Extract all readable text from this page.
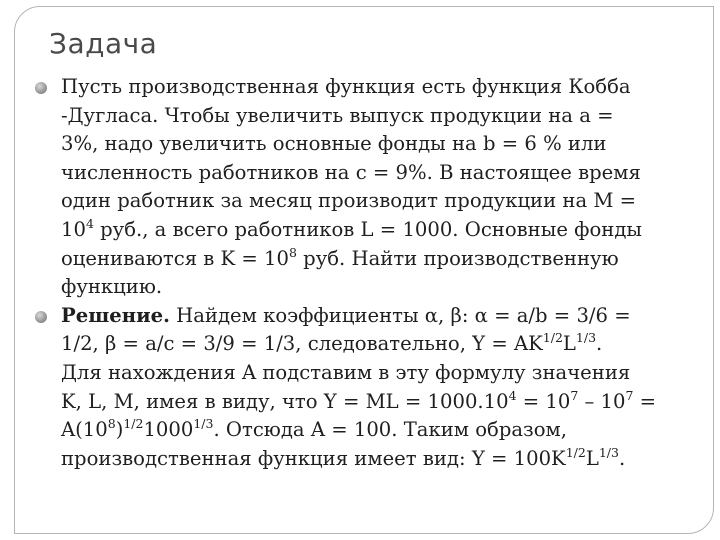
Задача
Пусть производственная функция есть функция Кобба
-Дугласа. Чтобы увеличить выпуск продукции на a =
3%, надо увеличить основные фонды на b = 6 % или
численность работников на c = 9%. В настоящее время
один работник за месяц производит продукции на M =
$10^4$ руб., а всего работников L = 1000. Основные фонды
оцениваются в $K = 10^8$ руб. Найти производственную
функцию.
Решение. Найдем коэффициенты α, β: α = a/b = 3/6 =
1/2, β = a/c = 3/9 = 1/3, следовательно, $Y = AK^{1/2}L^{1/3}$.
Для нахождения A подставим в эту формулу значения
K, L, M, имея в виду, что Y = ML = $1000.10^4 = 10^7 - 10^7$ =
$A(10^8)^{1/2}1000^{1/3}$. Отсюда A = 100. Таким образом,
производственная функция имеет вид: $Y = 100K^{1/2}L^{1/3}$.
